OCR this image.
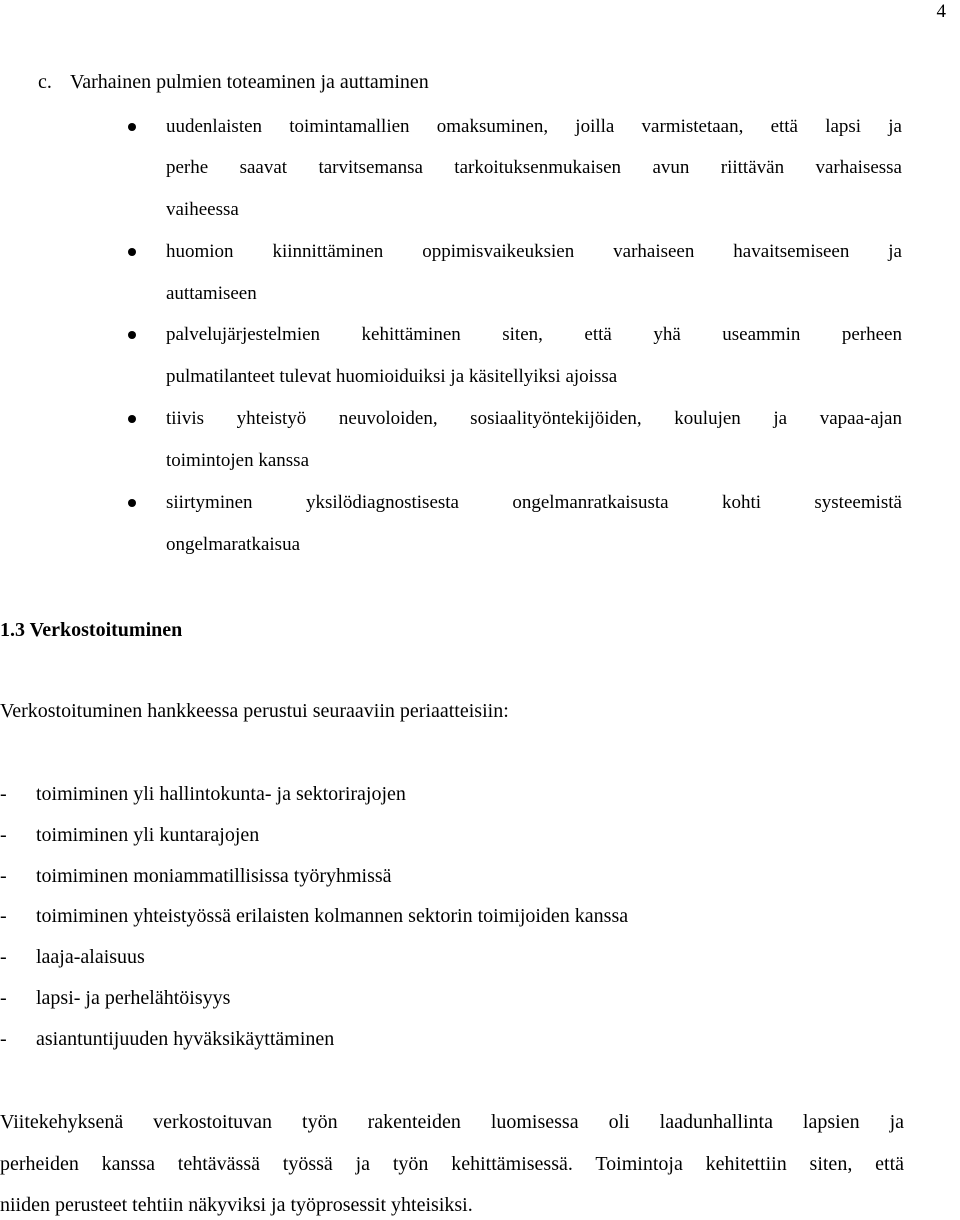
4
c. Varhainen pulmien toteaminen ja auttaminen
uudenlaisten toimintamallien omaksuminen, joilla varmistetaan, että lapsi ja
perhe saavat tarvitsemansa tarkoituksenmukaisen avun riittävän varhaisessa
vaiheessa
huomion kiinnittäminen oppimisvaikeuksien varhaiseen havaitsemiseen ja
auttamiseen
palvelujärjestelmien kehittäminen siten, että yhä useammin perheen
pulmatilanteet tulevat huomioiduiksi ja käsitellyiksi ajoissa
tiivis yhteistyö neuvoloiden, sosiaalityöntekijöiden, koulujen ja vapaa-ajan
toimintojen kanssa
siirtyminen yksilödiagnostisesta ongelmanratkaisusta kohti systeemistä
ongelmaratkaisua
1.3 Verkostoituminen
Verkostoituminen hankkeessa perustui seuraaviin periaatteisiin:
- toimiminen yli hallintokunta- ja sektorirajojen
- toimiminen yli kuntarajojen
- toimiminen moniammatillisissa työryhmissä
- toimiminen yhteistyössä erilaisten kolmannen sektorin toimijoiden kanssa
- laaja-alaisuus
- lapsi- ja perhelähtöisyys
- asiantuntijuuden hyväksikäyttäminen
Viitekehyksenä verkostoituvan työn rakenteiden luomisessa oli laadunhallinta lapsien ja
perheiden kanssa tehtävässä työssä ja työn kehittämisessä. Toimintoja kehitettiin siten, että
niiden perusteet tehtiin näkyviksi ja työprosessit yhteisiksi.
